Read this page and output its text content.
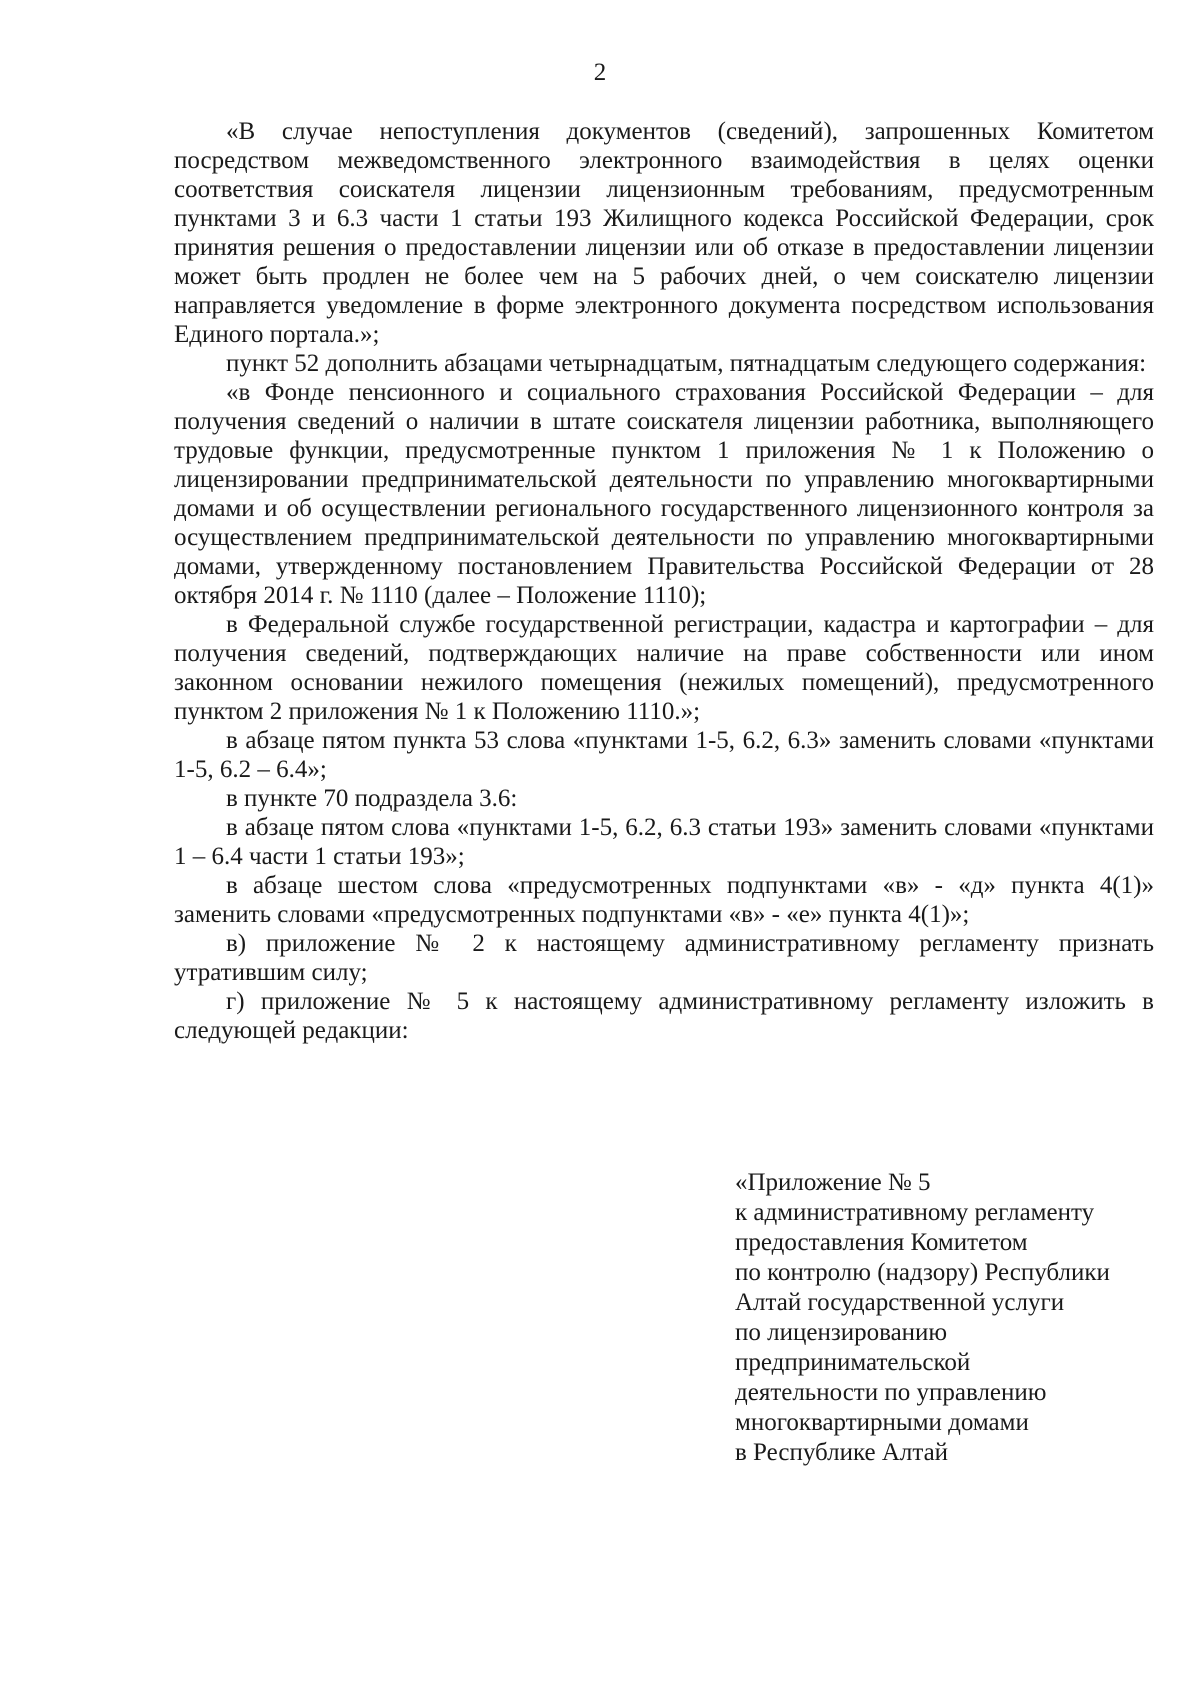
2

«В случае непоступления документов (сведений), запрошенных Комитетом посредством межведомственного электронного взаимодействия в целях оценки соответствия соискателя лицензии лицензионным требованиям, предусмотренным пунктами 3 и 6.3 части 1 статьи 193 Жилищного кодекса Российской Федерации, срок принятия решения о предоставлении лицензии или об отказе в предоставлении лицензии может быть продлен не более чем на 5 рабочих дней, о чем соискателю лицензии направляется уведомление в форме электронного документа посредством использования Единого портала.»;

пункт 52 дополнить абзацами четырнадцатым, пятнадцатым следующего содержания:

«в Фонде пенсионного и социального страхования Российской Федерации – для получения сведений о наличии в штате соискателя лицензии работника, выполняющего трудовые функции, предусмотренные пунктом 1 приложения № 1 к Положению о лицензировании предпринимательской деятельности по управлению многоквартирными домами и об осуществлении регионального государственного лицензионного контроля за осуществлением предпринимательской деятельности по управлению многоквартирными домами, утвержденному постановлением Правительства Российской Федерации от 28 октября 2014 г. № 1110 (далее – Положение 1110);

в Федеральной службе государственной регистрации, кадастра и картографии – для получения сведений, подтверждающих наличие на праве собственности или ином законном основании нежилого помещения (нежилых помещений), предусмотренного пунктом 2 приложения № 1 к Положению 1110.»;

в абзаце пятом пункта 53 слова «пунктами 1-5, 6.2, 6.3» заменить словами «пунктами 1-5, 6.2 – 6.4»;

в пункте 70 подраздела 3.6:

в абзаце пятом слова «пунктами 1-5, 6.2, 6.3 статьи 193» заменить словами «пунктами 1 – 6.4 части 1 статьи 193»;

в абзаце шестом слова «предусмотренных подпунктами «в» - «д» пункта 4(1)» заменить словами «предусмотренных подпунктами «в» - «е» пункта 4(1)»;

в) приложение № 2 к настоящему административному регламенту признать утратившим силу;

г) приложение № 5 к настоящему административному регламенту изложить в следующей редакции:

«Приложение № 5
к административному регламенту
предоставления Комитетом
по контролю (надзору) Республики
Алтай государственной услуги
по лицензированию
предпринимательской
деятельности по управлению
многоквартирными домами
в Республике Алтай
